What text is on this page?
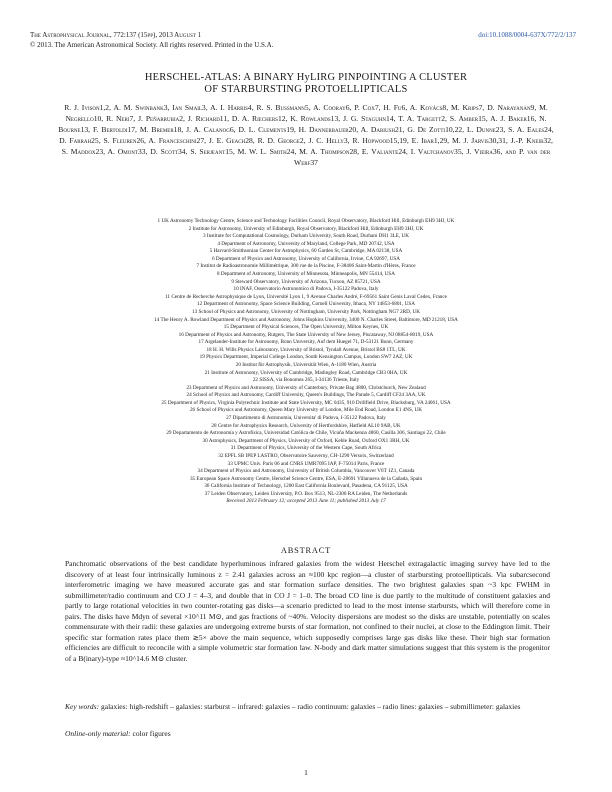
The Astrophysical Journal, 772:137 (15pp), 2013 August 1	doi:10.1088/0004-637X/772/2/137
© 2013. The American Astronomical Society. All rights reserved. Printed in the U.S.A.
HERSCHEL-ATLAS: A BINARY HyLIRG PINPOINTING A CLUSTER
OF STARBURSTING PROTOELLIPTICALS
R. J. Ivison1,2, A. M. Swinbank3, Ian Smail3, A. I. Harris4, R. S. Bussmann5, A. Cooray6, P. Cox7, H. Fu6, A. Kovács8, M. Krips7, D. Narayanan9, M. Negrello10, R. Neri7, J. Peñarrubia2, J. Richard11, D. A. Riechers12, K. Rowlands13, J. G. Staguhn14, T. A. Targett2, S. Amber15, A. J. Baker16, N. Bourne13, F. Bertoldi17, M. Bremer18, J. A. Calanog6, D. L. Clements19, H. Dannerbauer20, A. Dariush21, G. De Zotti10,22, L. Dunne23, S. A. Eales24, D. Farrah25, S. Fleuren26, A. Franceschini27, J. E. Geach28, R. D. George2, J. C. Helly3, R. Hopwood15,19, E. Ibar1,29, M. J. Jarvis30,31, J.-P. Kneib32, S. Maddox23, A. Omont33, D. Scott34, S. Serjeant15, M. W. L. Smith24, M. A. Thompson28, E. Valiante24, I. Valtchanov35, J. Vieira36, and P. van der Werf37
1 UK Astronomy Technology Centre, Science and Technology Facilities Council, Royal Observatory, Blackford Hill, Edinburgh EH9 3HJ, UK
2 Institute for Astronomy, University of Edinburgh, Royal Observatory, Blackford Hill, Edinburgh EH9 3HJ, UK
3 Institute for Computational Cosmology, Durham University, South Road, Durham DH1 3LE, UK
4 Department of Astronomy, University of Maryland, College Park, MD 20742, USA
5 Harvard-Smithsonian Center for Astrophysics, 60 Garden St, Cambridge, MA 02138, USA
6 Department of Physics and Astronomy, University of California, Irvine, CA 92697, USA
7 Institut de Radioastronomie Millimétrique, 300 rue de la Piscine, F-38406 Saint-Martin d'Hères, France
8 Department of Astronomy, University of Minnesota, Minneapolis, MN 55414, USA
9 Steward Observatory, University of Arizona, Tucson, AZ 85721, USA
10 INAF, Osservatorio Astronomico di Padova, I-35122 Padova, Italy
11 Centre de Recherche Astrophysique de Lyon, Université Lyon 1, 9 Avenue Charles André, F-69561 Saint Genis Laval Cedex, France
12 Department of Astronomy, Space Science Building, Cornell University, Ithaca, NY 14853-6801, USA
13 School of Physics and Astronomy, University of Nottingham, University Park, Nottingham NG7 2RD, UK
14 The Henry A. Rowland Department of Physics and Astronomy, Johns Hopkins University, 3400 N. Charles Street, Baltimore, MD 21218, USA
15 Department of Physical Sciences, The Open University, Milton Keynes, UK
16 Department of Physics and Astronomy, Rutgers, The State University of New Jersey, Piscataway, NJ 08854-8019, USA
17 Argelander-Institute for Astronomy, Bonn University, Auf dem Huegel 71, D-53121 Bonn, Germany
18 H. H. Wills Physics Laboratory, University of Bristol, Tyndall Avenue, Bristol BS8 1TL, UK
19 Physics Department, Imperial College London, South Kensington Campus, London SW7 2AZ, UK
20 Institut für Astrophysik, Universität Wien, A-1180 Wien, Austria
21 Institute of Astronomy, University of Cambridge, Madingley Road, Cambridge CB3 0HA, UK
22 SISSA, via Bonomea 265, I-34136 Trieste, Italy
23 Department of Physics and Astronomy, University of Canterbury, Private Bag 4800, Christchurch, New Zealand
24 School of Physics and Astronomy, Cardiff University, Queen's Buildings, The Parade 5, Cardiff CF24 3AA, UK
25 Department of Physics, Virginia Polytechnic Institute and State University, MC 0435, 910 Drillfield Drive, Blacksburg, VA 24061, USA
26 School of Physics and Astronomy, Queen Mary University of London, Mile End Road, London E1 4NS, UK
27 Dipartimento di Astronomia, Universita' di Padova, I-35122 Padova, Italy
28 Centre for Astrophysics Research, University of Hertfordshire, Hatfield AL10 9AB, UK
29 Departamento de Astronomía y Astrofísica, Universidad Católica de Chile, Vicuña Mackenna 4860, Casilla 306, Santiago 22, Chile
30 Astrophysics, Department of Physics, University of Oxford, Keble Road, Oxford OX1 3RH, UK
31 Department of Physics, University of the Western Cape, South Africa
32 EPFL SB IPEP LASTRO, Observatoire Sauverny, CH-1290 Versoix, Switzerland
33 UPMC Univ. Paris 06 and CNRS UMR7095 IAP, F-75014 Paris, France
34 Department of Physics and Astronomy, University of British Columbia, Vancouver V6T 1Z1, Canada
35 European Space Astronomy Centre, Herschel Science Centre, ESA, E-28691 Villanueva de la Cañada, Spain
36 California Institute of Technology, 1200 East California Boulevard, Pasadena, CA 91125, USA
37 Leiden Observatory, Leiden University, P.O. Box 9513, NL-2300 RA Leiden, The Netherlands
Received 2013 February 12; accepted 2013 June 11; published 2013 July 17
ABSTRACT

Panchromatic observations of the best candidate hyperluminous infrared galaxies from the widest Herschel extragalactic imaging survey have led to the discovery of at least four intrinsically luminous z = 2.41 galaxies across an ≈100 kpc region—a cluster of starbursting protoellipticals. Via subarcsecond interferometric imaging we have measured accurate gas and star formation surface densities. The two brightest galaxies span ~3 kpc FWHM in submillimeter/radio continuum and CO J = 4–3, and double that in CO J = 1–0. The broad CO line is due partly to the multitude of constituent galaxies and partly to large rotational velocities in two counter-rotating gas disks—a scenario predicted to lead to the most intense starbursts, which will therefore come in pairs. The disks have Mdyn of several ×10^11 M⊙, and gas fractions of ~40%. Velocity dispersions are modest so the disks are unstable, potentially on scales commensurate with their radii: these galaxies are undergoing extreme bursts of star formation, not confined to their nuclei, at close to the Eddington limit. Their specific star formation rates place them ≳5× above the main sequence, which supposedly comprises large gas disks like these. Their high star formation efficiencies are difficult to reconcile with a simple volumetric star formation law. N-body and dark matter simulations suggest that this system is the progenitor of a B(inary)-type ≈10^14.6 M⊙ cluster.

Key words: galaxies: high-redshift – galaxies: starburst – infrared: galaxies – radio continuum: galaxies – radio lines: galaxies – submillimeter: galaxies

Online-only material: color figures
1
